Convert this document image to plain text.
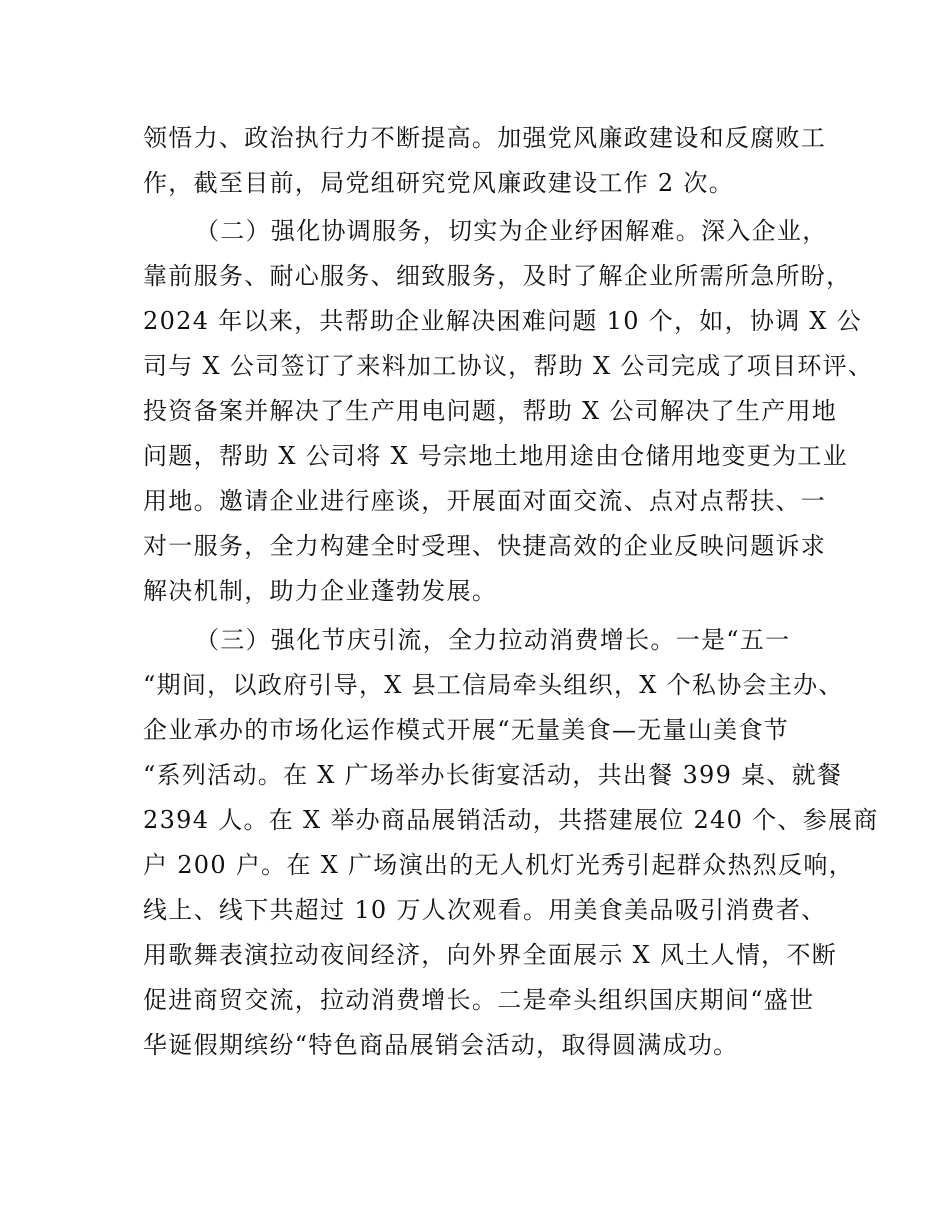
领悟力、政治执行力不断提高。加强党风廉政建设和反腐败工
作，截至目前，局党组研究党风廉政建设工作 2 次。
（二）强化协调服务，切实为企业纾困解难。深入企业，
靠前服务、耐心服务、细致服务，及时了解企业所需所急所盼，
2024 年以来，共帮助企业解决困难问题 10 个，如，协调 X 公
司与 X 公司签订了来料加工协议，帮助 X 公司完成了项目环评、
投资备案并解决了生产用电问题，帮助 X 公司解决了生产用地
问题，帮助 X 公司将 X 号宗地土地用途由仓储用地变更为工业
用地。邀请企业进行座谈，开展面对面交流、点对点帮扶、一
对一服务，全力构建全时受理、快捷高效的企业反映问题诉求
解决机制，助力企业蓬勃发展。
（三）强化节庆引流，全力拉动消费增长。一是“五一
“期间，以政府引导，X 县工信局牵头组织，X 个私协会主办、
企业承办的市场化运作模式开展“无量美食—无量山美食节
“系列活动。在 X 广场举办长街宴活动，共出餐 399 桌、就餐
2394 人。在 X 举办商品展销活动，共搭建展位 240 个、参展商
户 200 户。在 X 广场演出的无人机灯光秀引起群众热烈反响，
线上、线下共超过 10 万人次观看。用美食美品吸引消费者、
用歌舞表演拉动夜间经济，向外界全面展示 X 风土人情，不断
促进商贸交流，拉动消费增长。二是牵头组织国庆期间“盛世
华诞假期缤纷“特色商品展销会活动，取得圆满成功。
